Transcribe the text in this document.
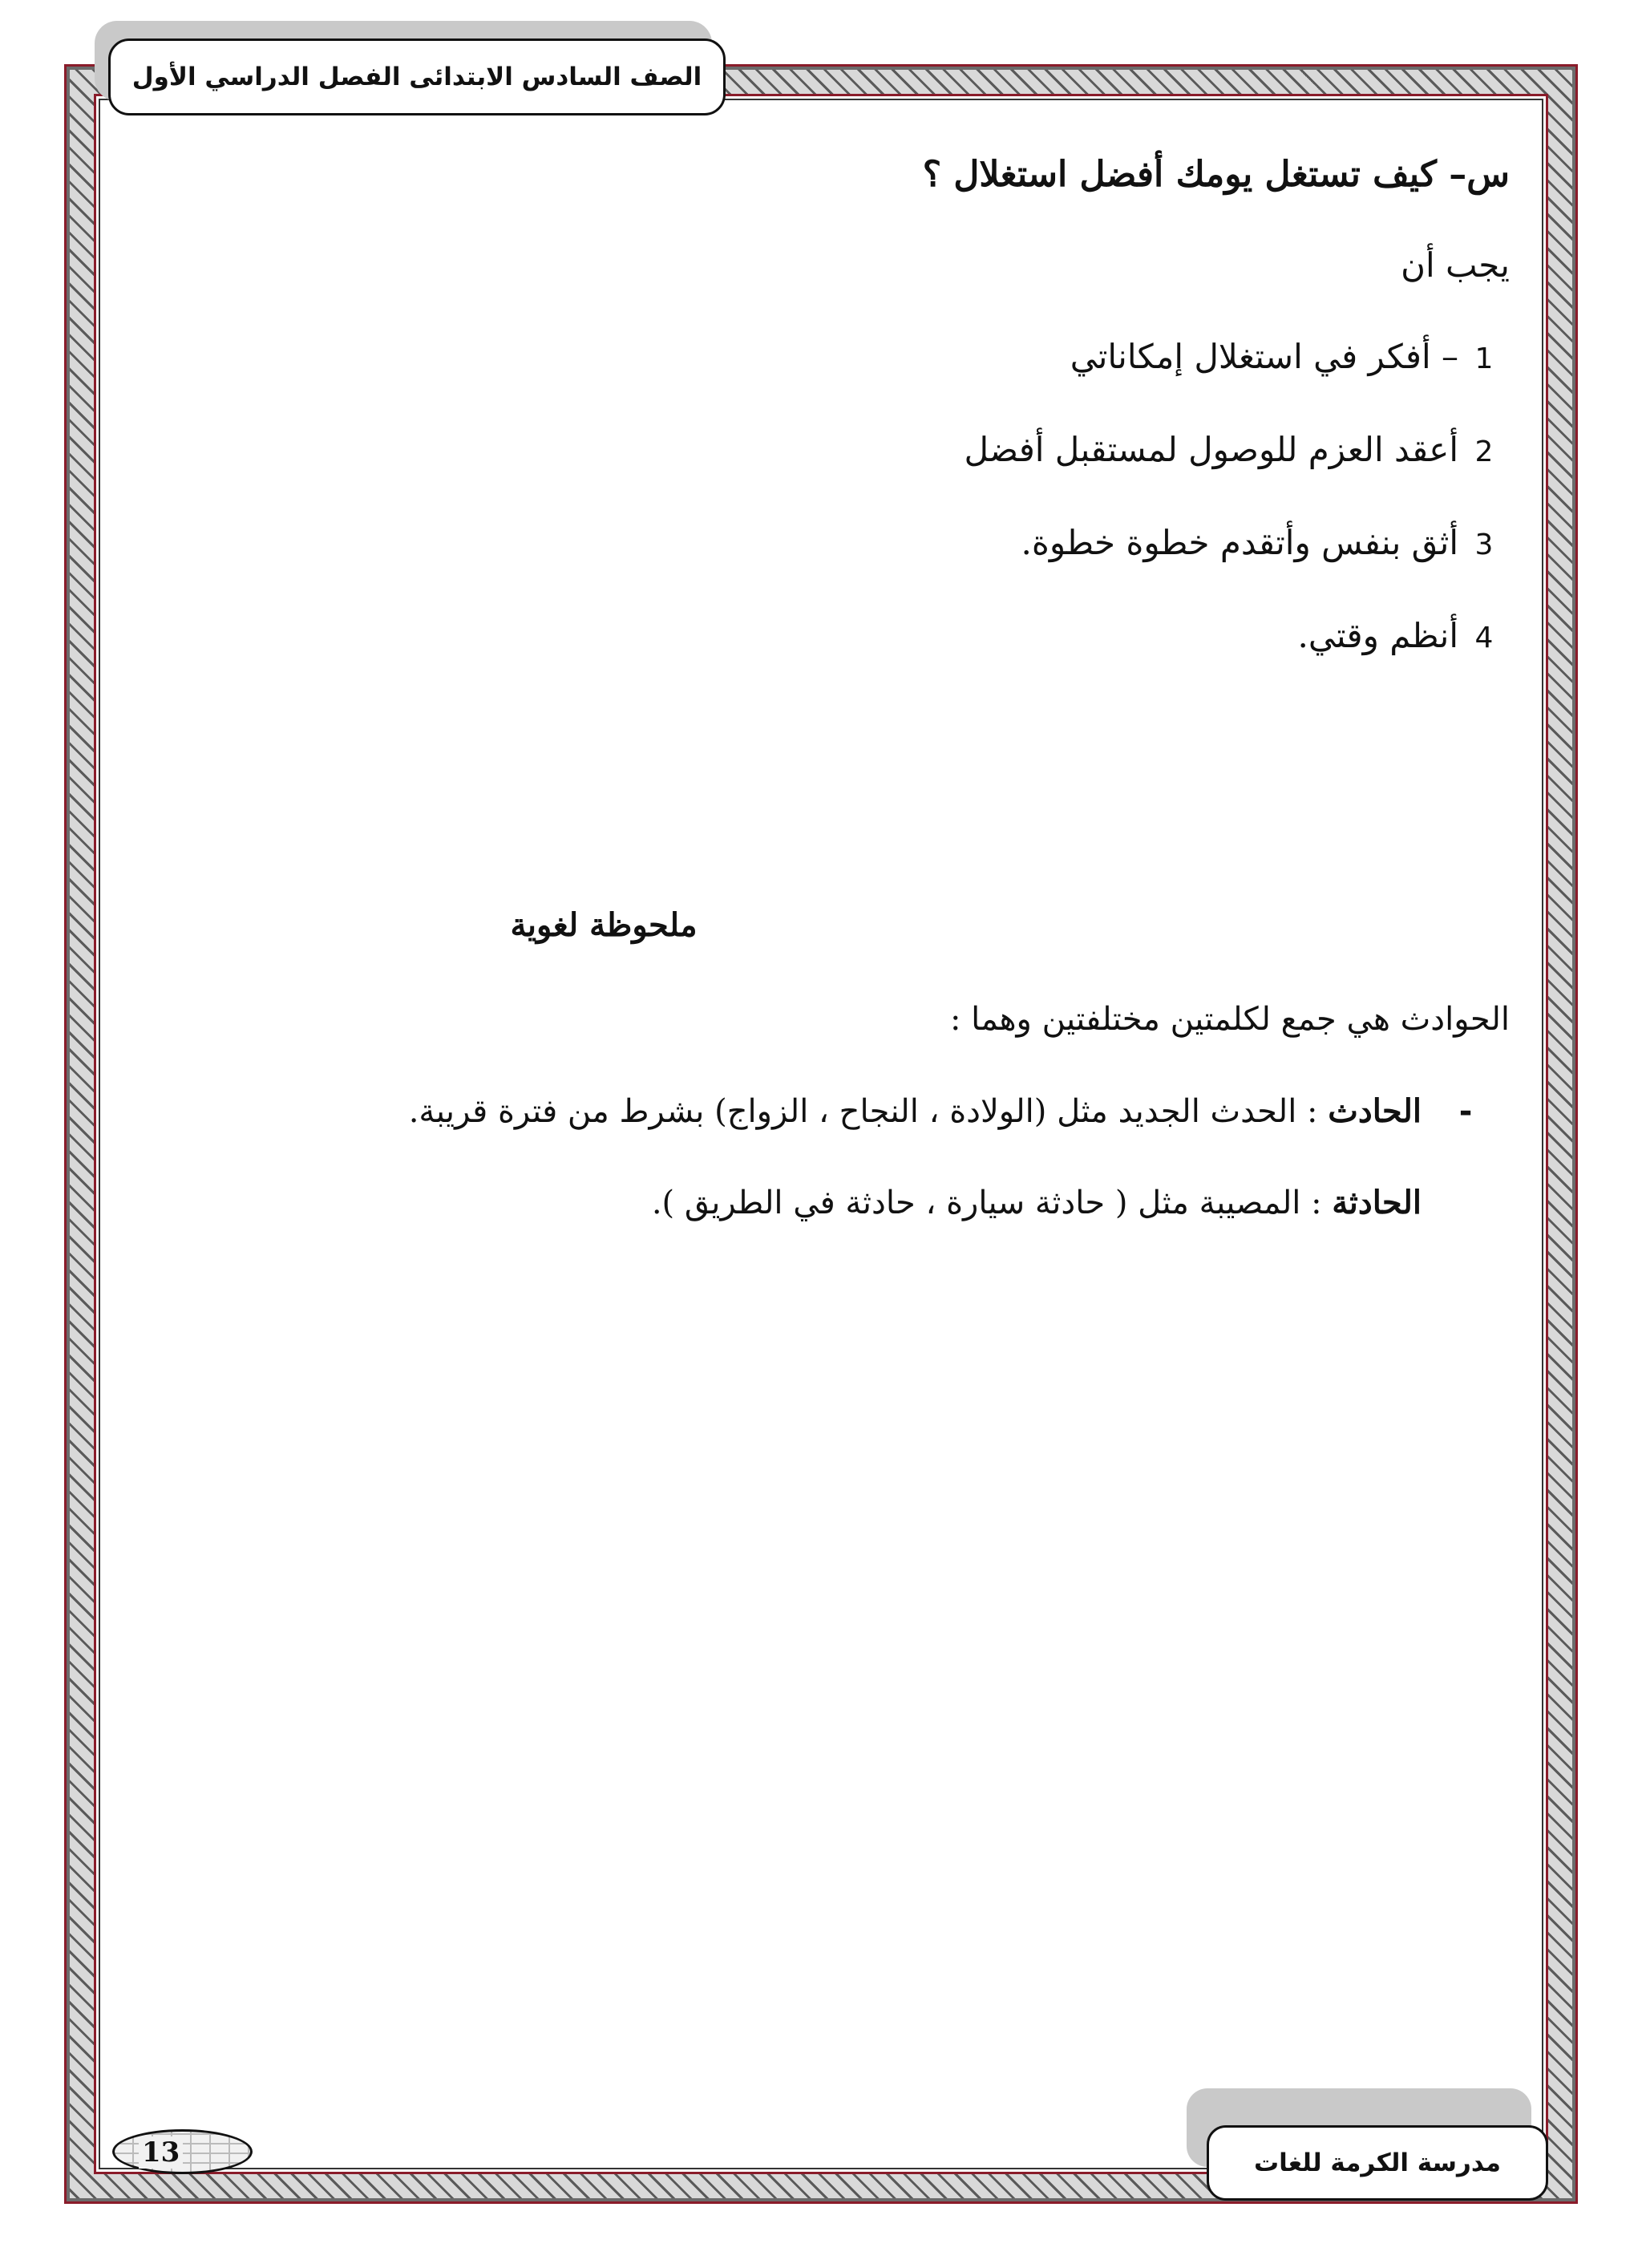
الصف السادس الابتدائى الفصل الدراسي الأول
س– كيف تستغل يومك أفضل استغلال ؟
يجب أن
1– أفكر في استغلال إمكاناتي
2أعقد العزم للوصول لمستقبل أفضل
3أثق بنفس وأتقدم خطوة خطوة.
4أنظم وقتي.
ملحوظة لغوية
الحوادث هي جمع لكلمتين مختلفتين وهما :
-الحادث : الحدث الجديد مثل (الولادة ، النجاح ، الزواج) بشرط من فترة قريبة.
الحادثة : المصيبة مثل ( حادثة سيارة ، حادثة في الطريق ).
13	مدرسة الكرمة للغات
